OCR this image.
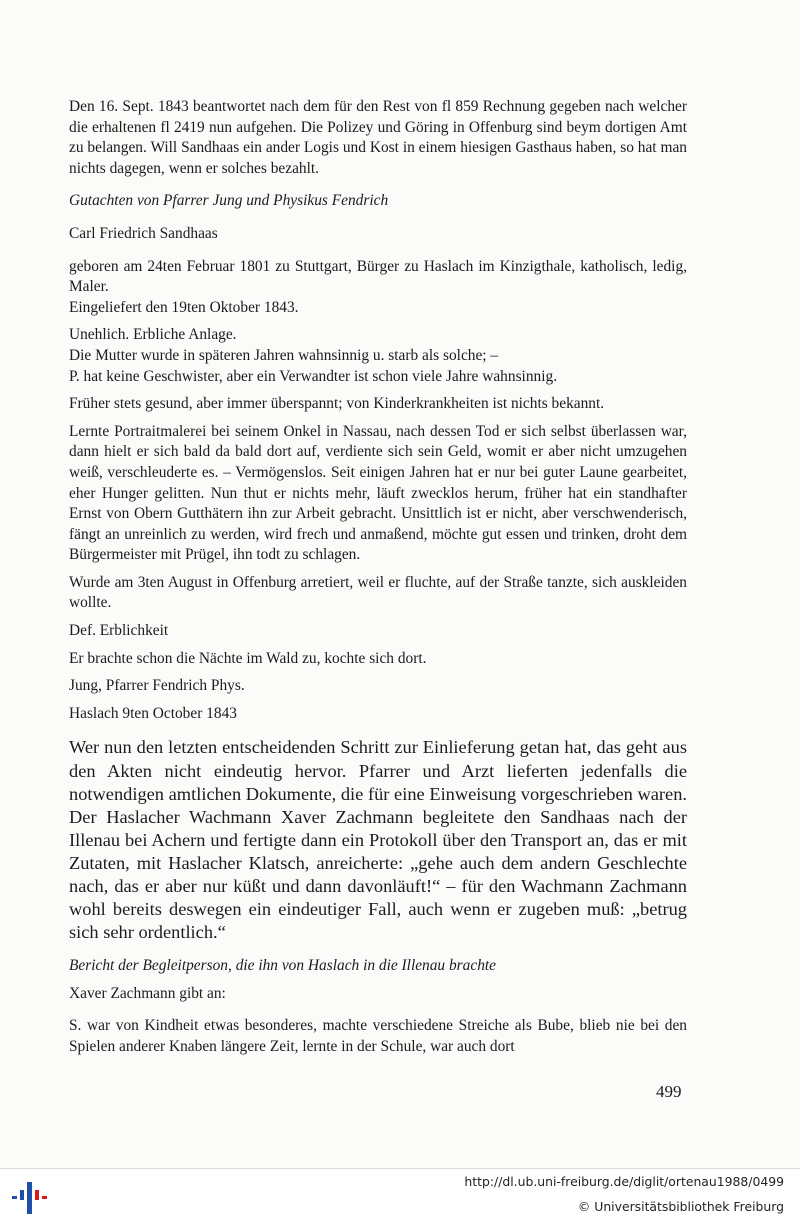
Den 16. Sept. 1843 beantwortet nach dem für den Rest von fl 859 Rechnung gegeben nach welcher die erhaltenen fl 2419 nun aufgehen. Die Polizey und Göring in Offenburg sind beym dortigen Amt zu belangen. Will Sandhaas ein ander Logis und Kost in einem hiesigen Gasthaus haben, so hat man nichts dagegen, wenn er solches bezahlt.

Gutachten von Pfarrer Jung und Physikus Fendrich

Carl Friedrich Sandhaas

geboren am 24ten Februar 1801 zu Stuttgart, Bürger zu Haslach im Kinzigthale, katholisch, ledig, Maler.

Eingeliefert den 19ten Oktober 1843.

Unehlich. Erbliche Anlage.

Die Mutter wurde in späteren Jahren wahnsinnig u. starb als solche; –

P. hat keine Geschwister, aber ein Verwandter ist schon viele Jahre wahnsinnig.

Früher stets gesund, aber immer überspannt; von Kinderkrankheiten ist nichts bekannt.

Lernte Portraitmalerei bei seinem Onkel in Nassau, nach dessen Tod er sich selbst überlassen war, dann hielt er sich bald da bald dort auf, verdiente sich sein Geld, womit er aber nicht umzugehen weiß, verschleuderte es. – Vermögenslos. Seit einigen Jahren hat er nur bei guter Laune gearbeitet, eher Hunger gelitten. Nun thut er nichts mehr, läuft zwecklos herum, früher hat ein standhafter Ernst von Obern Gutthätern ihn zur Arbeit gebracht. Unsittlich ist er nicht, aber verschwenderisch, fängt an unreinlich zu werden, wird frech und anmaßend, möchte gut essen und trinken, droht dem Bürgermeister mit Prügel, ihn todt zu schlagen.

Wurde am 3ten August in Offenburg arretiert, weil er fluchte, auf der Straße tanzte, sich auskleiden wollte.

Def. Erblichkeit

Er brachte schon die Nächte im Wald zu, kochte sich dort.

Jung, Pfarrer Fendrich Phys.

Haslach 9ten October 1843

Wer nun den letzten entscheidenden Schritt zur Einlieferung getan hat, das geht aus den Akten nicht eindeutig hervor. Pfarrer und Arzt lieferten jedenfalls die notwendigen amtlichen Dokumente, die für eine Einweisung vorgeschrieben waren. Der Haslacher Wachmann Xaver Zachmann begleitete den Sandhaas nach der Illenau bei Achern und fertigte dann ein Protokoll über den Transport an, das er mit Zutaten, mit Haslacher Klatsch, anreicherte: „gehe auch dem andern Geschlechte nach, das er aber nur küßt und dann davonläuft!“ – für den Wachmann Zachmann wohl bereits deswegen ein eindeutiger Fall, auch wenn er zugeben muß: „betrug sich sehr ordentlich.“

Bericht der Begleitperson, die ihn von Haslach in die Illenau brachte

Xaver Zachmann gibt an:

S. war von Kindheit etwas besonderes, machte verschiedene Streiche als Bube, blieb nie bei den Spielen anderer Knaben längere Zeit, lernte in der Schule, war auch dort

499
http://dl.ub.uni-freiburg.de/diglit/ortenau1988/0499
© Universitätsbibliothek Freiburg
